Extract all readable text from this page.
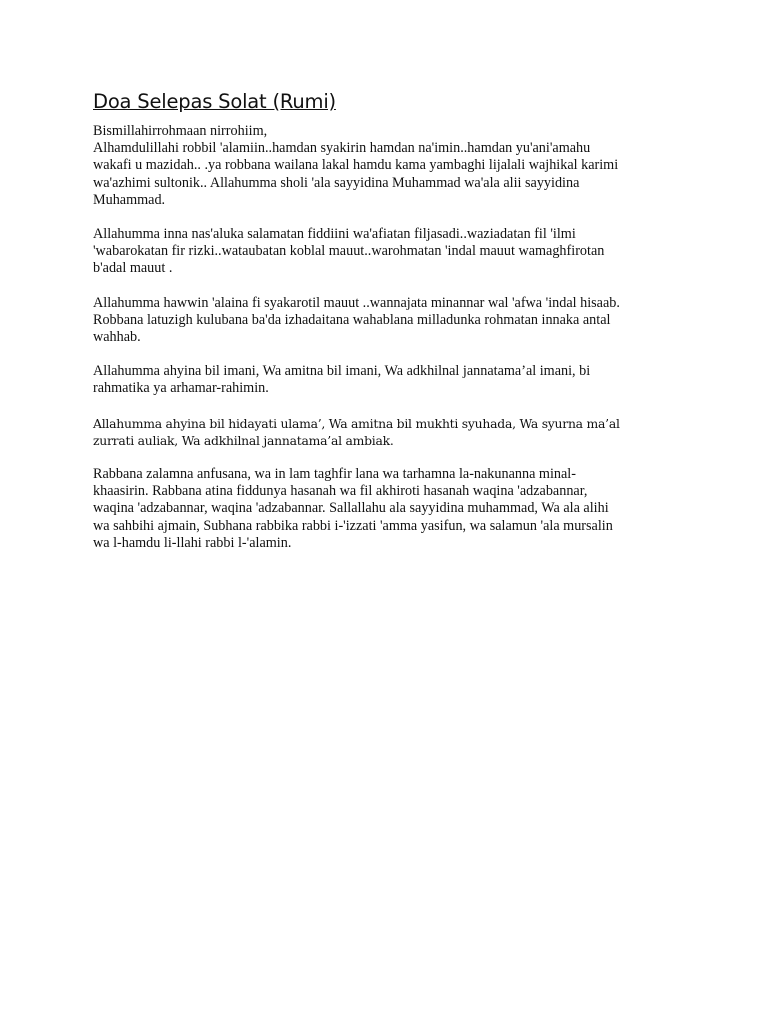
Doa Selepas Solat (Rumi)
Bismillahirrohmaan nirrohiim,
Alhamdulillahi robbil 'alamiin..hamdan syakirin hamdan na'imin..hamdan yu'ani'amahu
wakafi u mazidah.. .ya robbana wailana lakal hamdu kama yambaghi lijalali wajhikal karimi
wa'azhimi sultonik.. Allahumma sholi 'ala sayyidina Muhammad wa'ala alii sayyidina
Muhammad.
Allahumma inna nas'aluka salamatan fiddiini wa'afiatan filjasadi..waziadatan fil 'ilmi
'wabarokatan fir rizki..wataubatan koblal mauut..warohmatan 'indal mauut wamaghfirotan
b'adal mauut .
Allahumma hawwin 'alaina fi syakarotil mauut ..wannajata minannar wal 'afwa 'indal hisaab.
Robbana latuzigh kulubana ba'da izhadaitana wahablana milladunka rohmatan innaka antal
wahhab.
Allahumma ahyina bil imani, Wa amitna bil imani, Wa adkhilnal jannatama’al imani, bi
rahmatika ya arhamar-rahimin.
Allahumma ahyina bil hidayati ulama’, Wa amitna bil mukhti syuhada, Wa syurna ma’al
zurrati auliak, Wa adkhilnal jannatama’al ambiak.
Rabbana zalamna anfusana, wa in lam taghfir lana wa tarhamna la-nakunanna minal-
khaasirin. Rabbana atina fiddunya hasanah wa fil akhiroti hasanah waqina 'adzabannar,
waqina 'adzabannar, waqina 'adzabannar. Sallallahu ala sayyidina muhammad, Wa ala alihi
wa sahbihi ajmain, Subhana rabbika rabbi i-'izzati 'amma yasifun, wa salamun 'ala mursalin
wa l-hamdu li-llahi rabbi l-'alamin.
